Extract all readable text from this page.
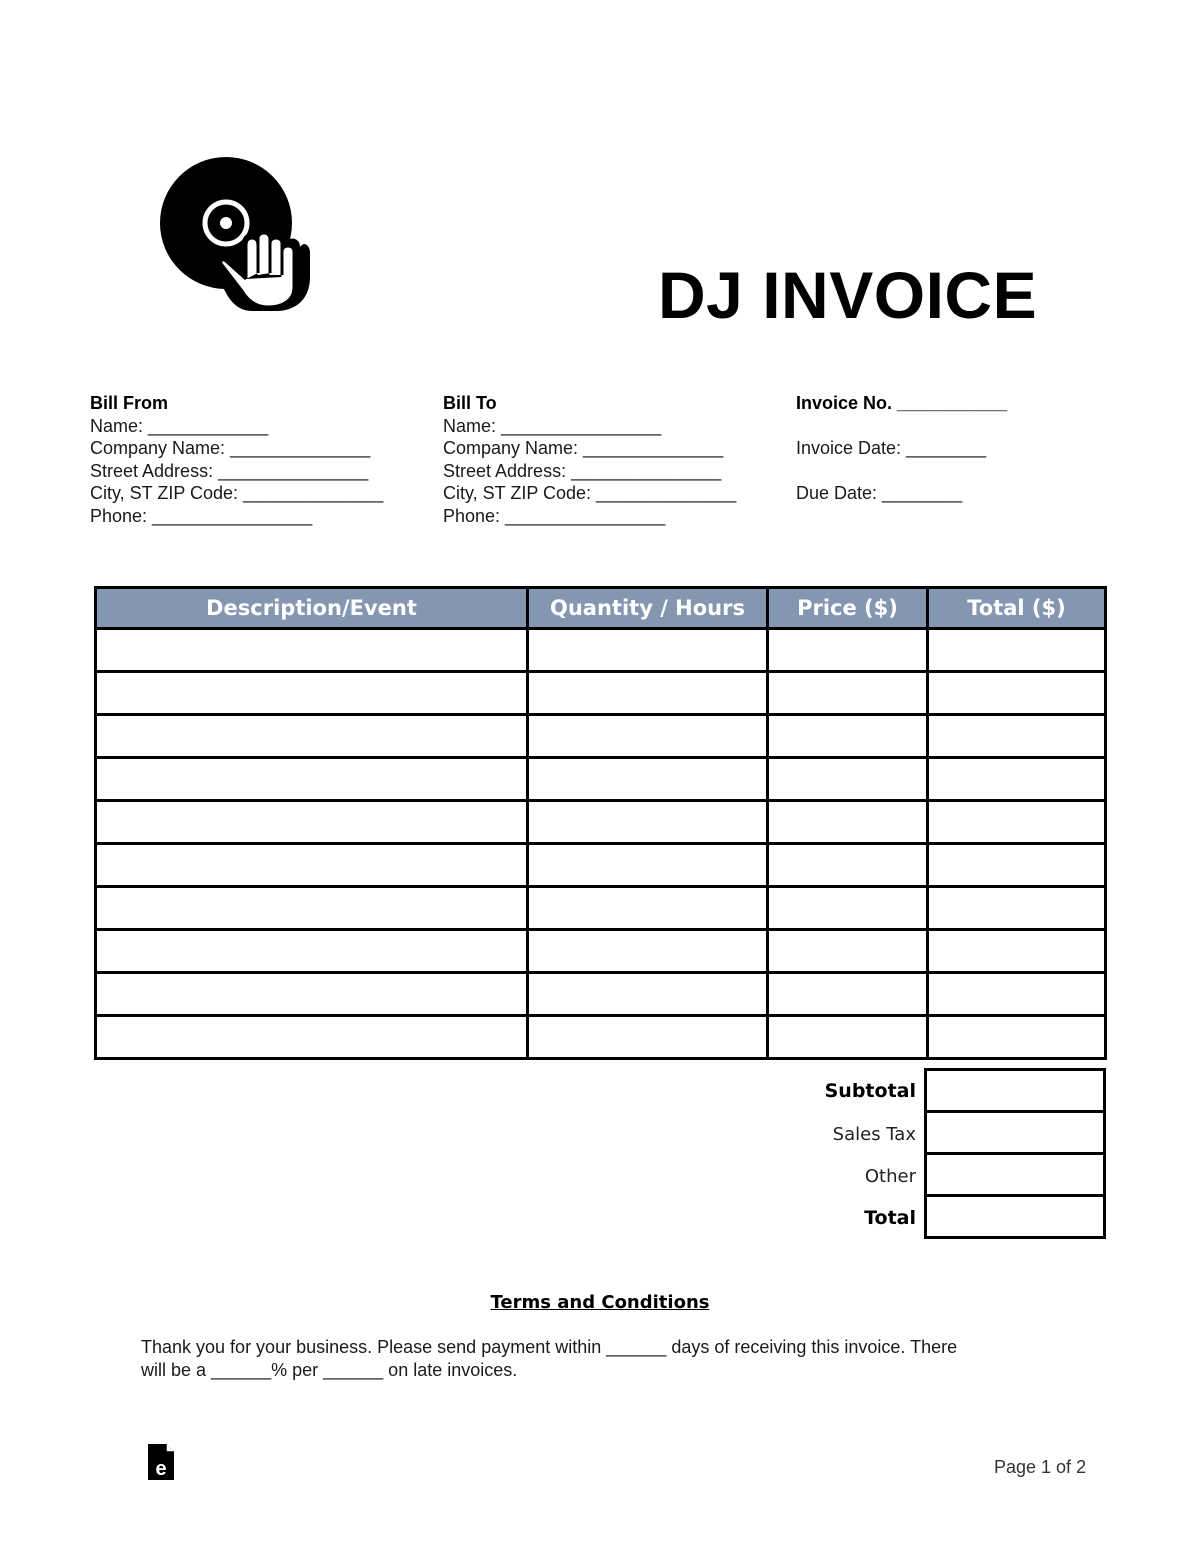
DJ INVOICE
Bill From
Name: ____________
Company Name: ______________
Street Address: _______________
City, ST ZIP Code: ______________
Phone: ________________
Bill To
Name: ________________
Company Name: ______________
Street Address: _______________
City, ST ZIP Code: ______________
Phone: ________________
Invoice No. ___________
Invoice Date: ________
Due Date: ________
Description/Event	Quantity / Hours	Price ($)	Total ($)

Subtotal
Sales Tax
Other
Total

Terms and Conditions
Thank you for your business. Please send payment within ______ days of receiving this invoice. There
will be a ______% per ______ on late invoices.
e	Page 1 of 2
